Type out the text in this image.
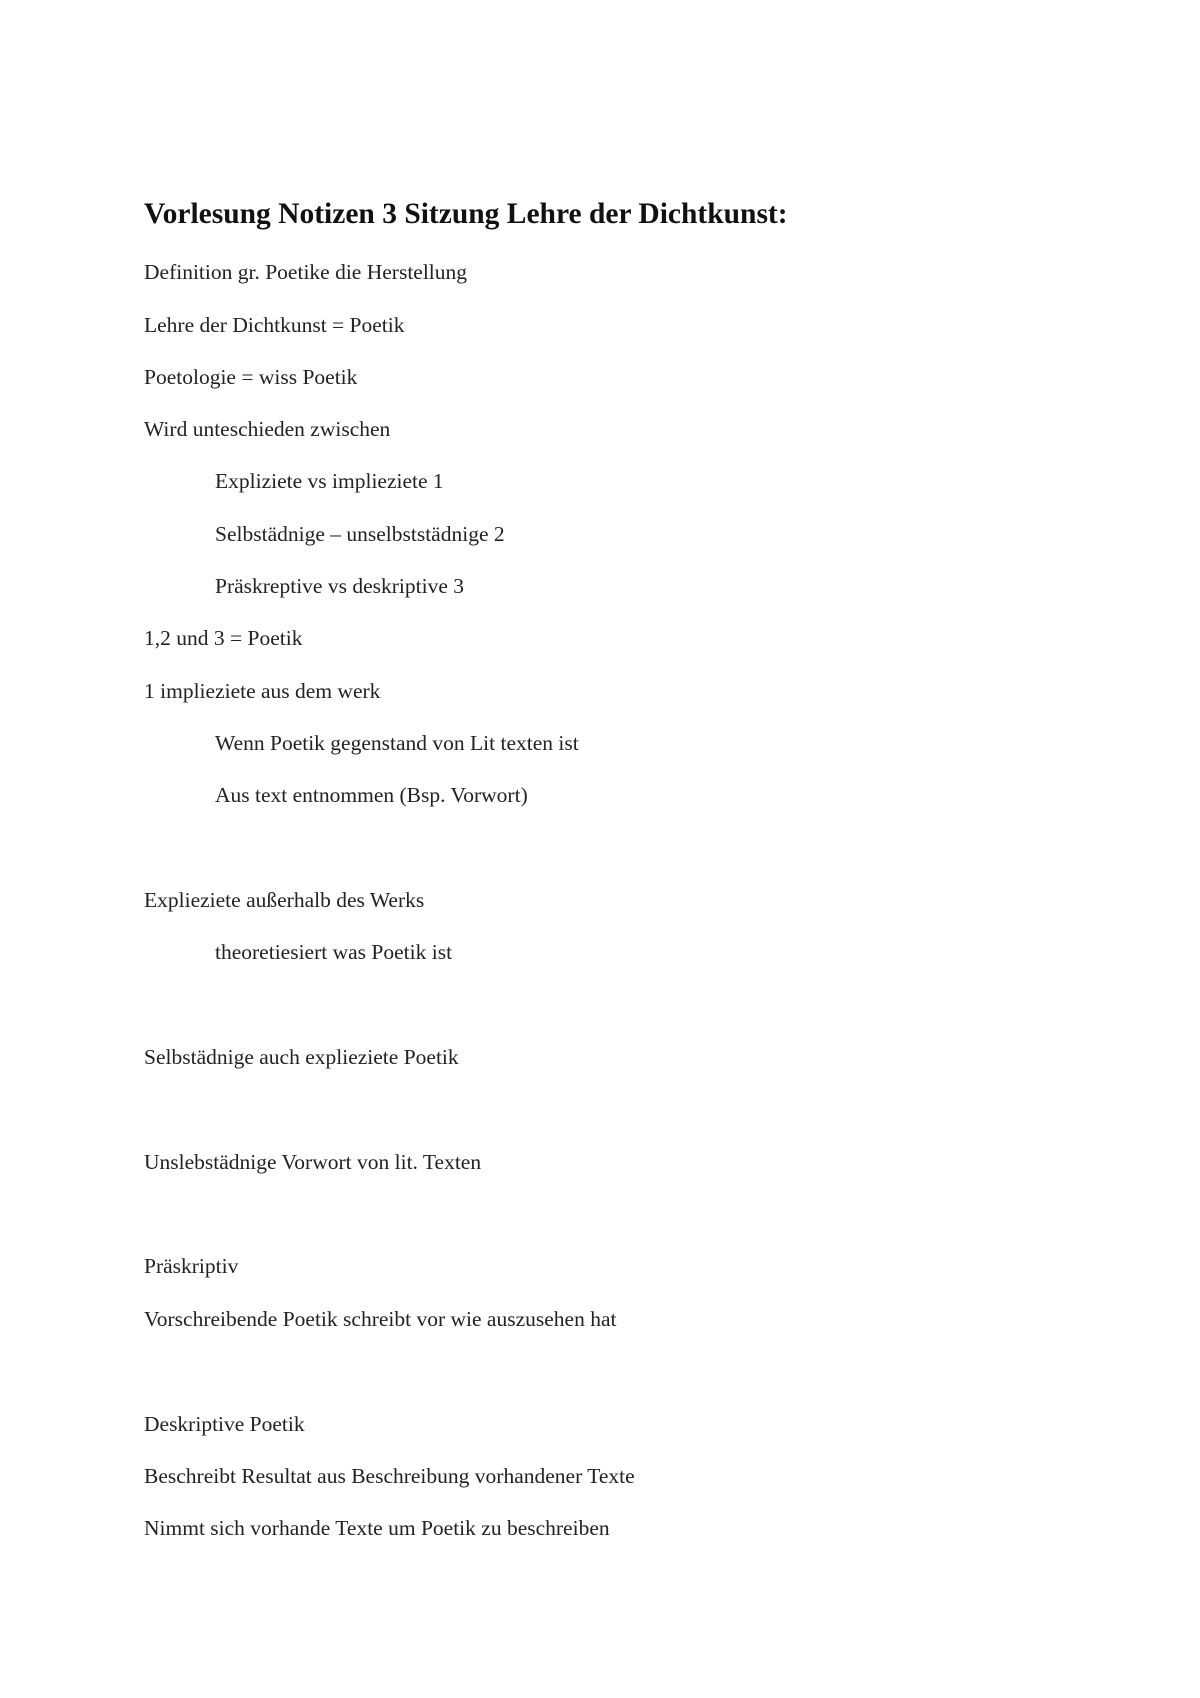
Vorlesung Notizen 3 Sitzung Lehre der Dichtkunst:

Definition gr. Poetike die Herstellung

Lehre der Dichtkunst = Poetik

Poetologie = wiss Poetik

Wird unteschieden zwischen

Expliziete vs implieziete 1

Selbstädnige – unselbststädnige 2

Präskreptive vs deskriptive 3

1,2 und 3 = Poetik

1 implieziete aus dem werk

Wenn Poetik gegenstand von Lit texten ist

Aus text entnommen (Bsp. Vorwort)

Explieziete außerhalb des Werks

theoretiesiert was Poetik ist

Selbstädnige auch explieziete Poetik

Unslebstädnige Vorwort von lit. Texten

Präskriptiv

Vorschreibende Poetik schreibt vor wie auszusehen hat

Deskriptive Poetik

Beschreibt Resultat aus Beschreibung vorhandener Texte

Nimmt sich vorhande Texte um Poetik zu beschreiben
